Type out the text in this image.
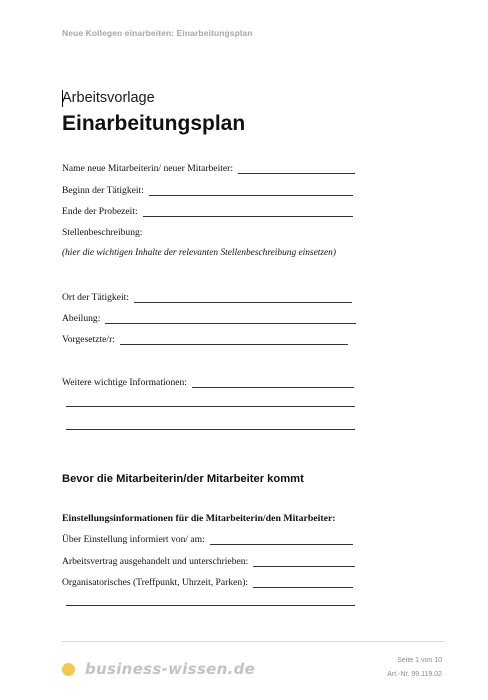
Neue Kollegen einarbeiten: Einarbeitungsplan
Arbeitsvorlage
Einarbeitungsplan
Name neue Mitarbeiterin/ neuer Mitarbeiter:
Beginn der Tätigkeit:
Ende der Probezeit:
Stellenbeschreibung:
(hier die wichtigen Inhalte der relevanten Stellenbeschreibung einsetzen)
Ort der Tätigkeit:
Abeilung:
Vorgesetzte/r:
Weitere wichtige Informationen:
Bevor die Mitarbeiterin/der Mitarbeiter kommt
Einstellungsinformationen für die Mitarbeiterin/den Mitarbeiter:
Über Einstellung informiert von/ am:
Arbeitsvertrag ausgehandelt und unterschrieben:
Organisatorisches (Treffpunkt, Uhrzeit, Parken):
business-wissen.de	Seite 1 von 10
Art.-Nr. 99.119.02
